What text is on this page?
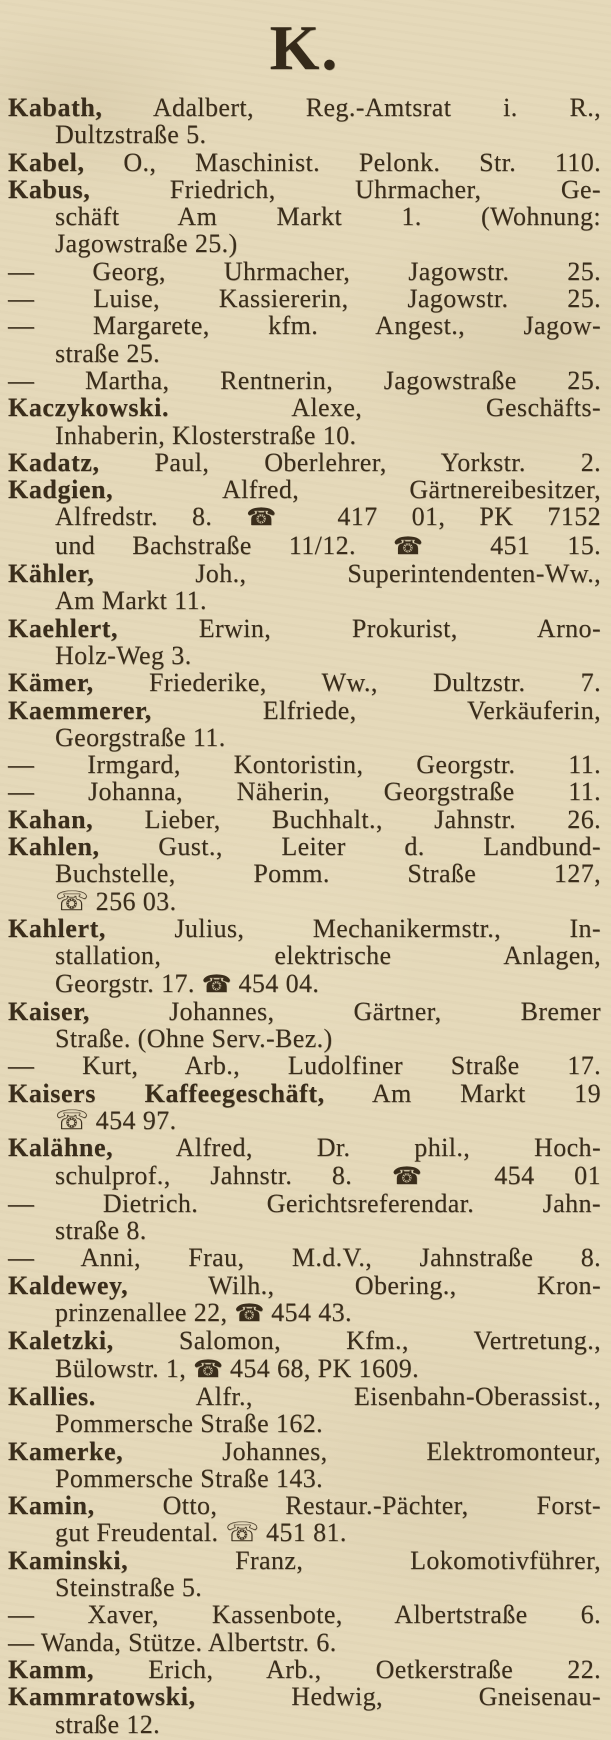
K.
Kabath, Adalbert, Reg.-Amtsrat i. R.,
Dultzstraße 5.
Kabel, O., Maschinist. Pelonk. Str. 110.
Kabus, Friedrich, Uhrmacher, Ge-
schäft Am Markt 1. (Wohnung:
Jagowstraße 25.)
— Georg, Uhrmacher, Jagowstr. 25.
— Luise, Kassiererin, Jagowstr. 25.
— Margarete, kfm. Angest., Jagow-
straße 25.
— Martha, Rentnerin, Jagowstraße 25.
Kaczykowski. Alexe, Geschäfts-
Inhaberin, Klosterstraße 10.
Kadatz, Paul, Oberlehrer, Yorkstr. 2.
Kadgien, Alfred, Gärtnereibesitzer,
Alfredstr. 8. ☎ 417 01, PK 7152
und Bachstraße 11/12. ☎ 451 15.
Kähler, Joh., Superintendenten-Ww.,
Am Markt 11.
Kaehlert, Erwin, Prokurist, Arno-
Holz-Weg 3.
Kämer, Friederike, Ww., Dultzstr. 7.
Kaemmerer, Elfriede, Verkäuferin,
Georgstraße 11.
— Irmgard, Kontoristin, Georgstr. 11.
— Johanna, Näherin, Georgstraße 11.
Kahan, Lieber, Buchhalt., Jahnstr. 26.
Kahlen, Gust., Leiter d. Landbund-
Buchstelle, Pomm. Straße 127,
☏ 256 03.
Kahlert, Julius, Mechanikermstr., In-
stallation, elektrische Anlagen,
Georgstr. 17. ☎ 454 04.
Kaiser, Johannes, Gärtner, Bremer
Straße. (Ohne Serv.-Bez.)
— Kurt, Arb., Ludolfiner Straße 17.
Kaisers Kaffeegeschäft, Am Markt 19
☏ 454 97.
Kalähne, Alfred, Dr. phil., Hoch-
schulprof., Jahnstr. 8. ☎ 454 01
— Dietrich. Gerichtsreferendar. Jahn-
straße 8.
— Anni, Frau, M.d.V., Jahnstraße 8.
Kaldewey, Wilh., Obering., Kron-
prinzenallee 22, ☎ 454 43.
Kaletzki, Salomon, Kfm., Vertretung.,
Bülowstr. 1, ☎ 454 68, PK 1609.
Kallies. Alfr., Eisenbahn-Oberassist.,
Pommersche Straße 162.
Kamerke, Johannes, Elektromonteur,
Pommersche Straße 143.
Kamin, Otto, Restaur.-Pächter, Forst-
gut Freudental. ☏ 451 81.
Kaminski, Franz, Lokomotivführer,
Steinstraße 5.
— Xaver, Kassenbote, Albertstraße 6.
— Wanda, Stütze. Albertstr. 6.
Kamm, Erich, Arb., Oetkerstraße 22.
Kammratowski, Hedwig, Gneisenau-
straße 12.
